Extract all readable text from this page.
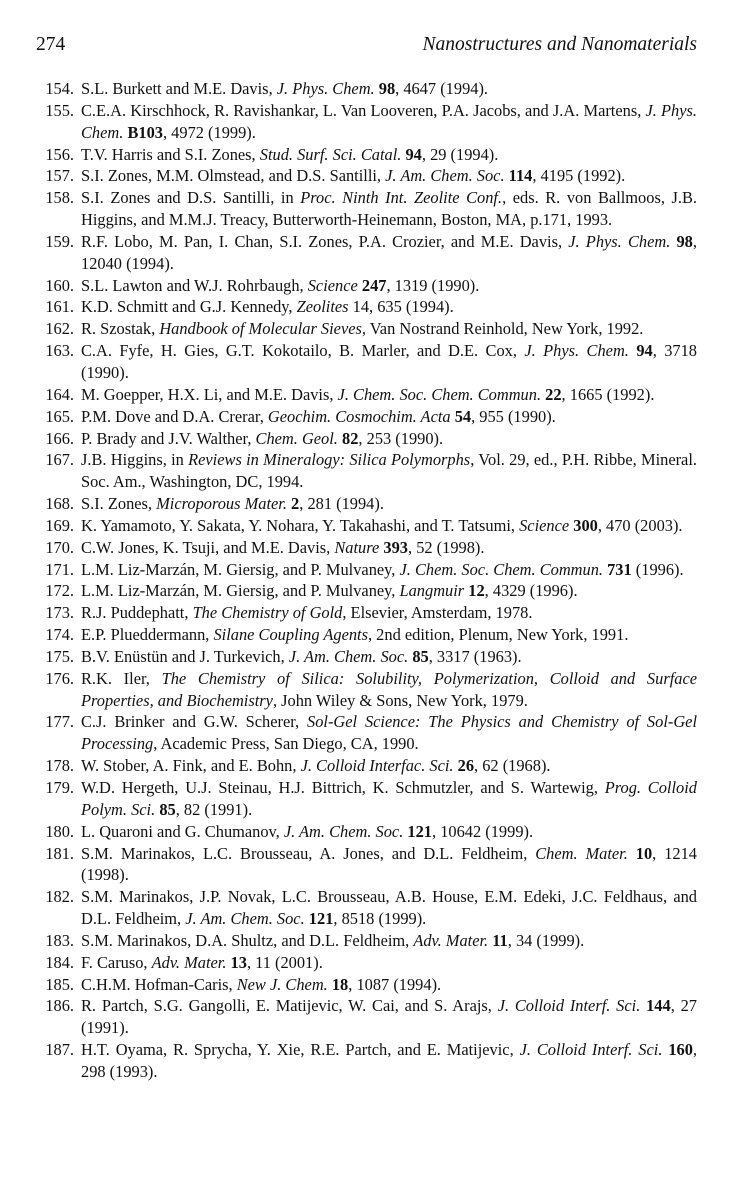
274	Nanostructures and Nanomaterials
154. S.L. Burkett and M.E. Davis, J. Phys. Chem. 98, 4647 (1994).
155. C.E.A. Kirschhock, R. Ravishankar, L. Van Looveren, P.A. Jacobs, and J.A. Martens, J. Phys. Chem. B103, 4972 (1999).
156. T.V. Harris and S.I. Zones, Stud. Surf. Sci. Catal. 94, 29 (1994).
157. S.I. Zones, M.M. Olmstead, and D.S. Santilli, J. Am. Chem. Soc. 114, 4195 (1992).
158. S.I. Zones and D.S. Santilli, in Proc. Ninth Int. Zeolite Conf., eds. R. von Ballmoos, J.B. Higgins, and M.M.J. Treacy, Butterworth-Heinemann, Boston, MA, p.171, 1993.
159. R.F. Lobo, M. Pan, I. Chan, S.I. Zones, P.A. Crozier, and M.E. Davis, J. Phys. Chem. 98, 12040 (1994).
160. S.L. Lawton and W.J. Rohrbaugh, Science 247, 1319 (1990).
161. K.D. Schmitt and G.J. Kennedy, Zeolites 14, 635 (1994).
162. R. Szostak, Handbook of Molecular Sieves, Van Nostrand Reinhold, New York, 1992.
163. C.A. Fyfe, H. Gies, G.T. Kokotailo, B. Marler, and D.E. Cox, J. Phys. Chem. 94, 3718 (1990).
164. M. Goepper, H.X. Li, and M.E. Davis, J. Chem. Soc. Chem. Commun. 22, 1665 (1992).
165. P.M. Dove and D.A. Crerar, Geochim. Cosmochim. Acta 54, 955 (1990).
166. P. Brady and J.V. Walther, Chem. Geol. 82, 253 (1990).
167. J.B. Higgins, in Reviews in Mineralogy: Silica Polymorphs, Vol. 29, ed., P.H. Ribbe, Mineral. Soc. Am., Washington, DC, 1994.
168. S.I. Zones, Microporous Mater. 2, 281 (1994).
169. K. Yamamoto, Y. Sakata, Y. Nohara, Y. Takahashi, and T. Tatsumi, Science 300, 470 (2003).
170. C.W. Jones, K. Tsuji, and M.E. Davis, Nature 393, 52 (1998).
171. L.M. Liz-Marzán, M. Giersig, and P. Mulvaney, J. Chem. Soc. Chem. Commun. 731 (1996).
172. L.M. Liz-Marzán, M. Giersig, and P. Mulvaney, Langmuir 12, 4329 (1996).
173. R.J. Puddephatt, The Chemistry of Gold, Elsevier, Amsterdam, 1978.
174. E.P. Plueddermann, Silane Coupling Agents, 2nd edition, Plenum, New York, 1991.
175. B.V. Enüstün and J. Turkevich, J. Am. Chem. Soc. 85, 3317 (1963).
176. R.K. Iler, The Chemistry of Silica: Solubility, Polymerization, Colloid and Surface Properties, and Biochemistry, John Wiley & Sons, New York, 1979.
177. C.J. Brinker and G.W. Scherer, Sol-Gel Science: The Physics and Chemistry of Sol-Gel Processing, Academic Press, San Diego, CA, 1990.
178. W. Stober, A. Fink, and E. Bohn, J. Colloid Interfac. Sci. 26, 62 (1968).
179. W.D. Hergeth, U.J. Steinau, H.J. Bittrich, K. Schmutzler, and S. Wartewig, Prog. Colloid Polym. Sci. 85, 82 (1991).
180. L. Quaroni and G. Chumanov, J. Am. Chem. Soc. 121, 10642 (1999).
181. S.M. Marinakos, L.C. Brousseau, A. Jones, and D.L. Feldheim, Chem. Mater. 10, 1214 (1998).
182. S.M. Marinakos, J.P. Novak, L.C. Brousseau, A.B. House, E.M. Edeki, J.C. Feldhaus, and D.L. Feldheim, J. Am. Chem. Soc. 121, 8518 (1999).
183. S.M. Marinakos, D.A. Shultz, and D.L. Feldheim, Adv. Mater. 11, 34 (1999).
184. F. Caruso, Adv. Mater. 13, 11 (2001).
185. C.H.M. Hofman-Caris, New J. Chem. 18, 1087 (1994).
186. R. Partch, S.G. Gangolli, E. Matijevic, W. Cai, and S. Arajs, J. Colloid Interf. Sci. 144, 27 (1991).
187. H.T. Oyama, R. Sprycha, Y. Xie, R.E. Partch, and E. Matijevic, J. Colloid Interf. Sci. 160, 298 (1993).
